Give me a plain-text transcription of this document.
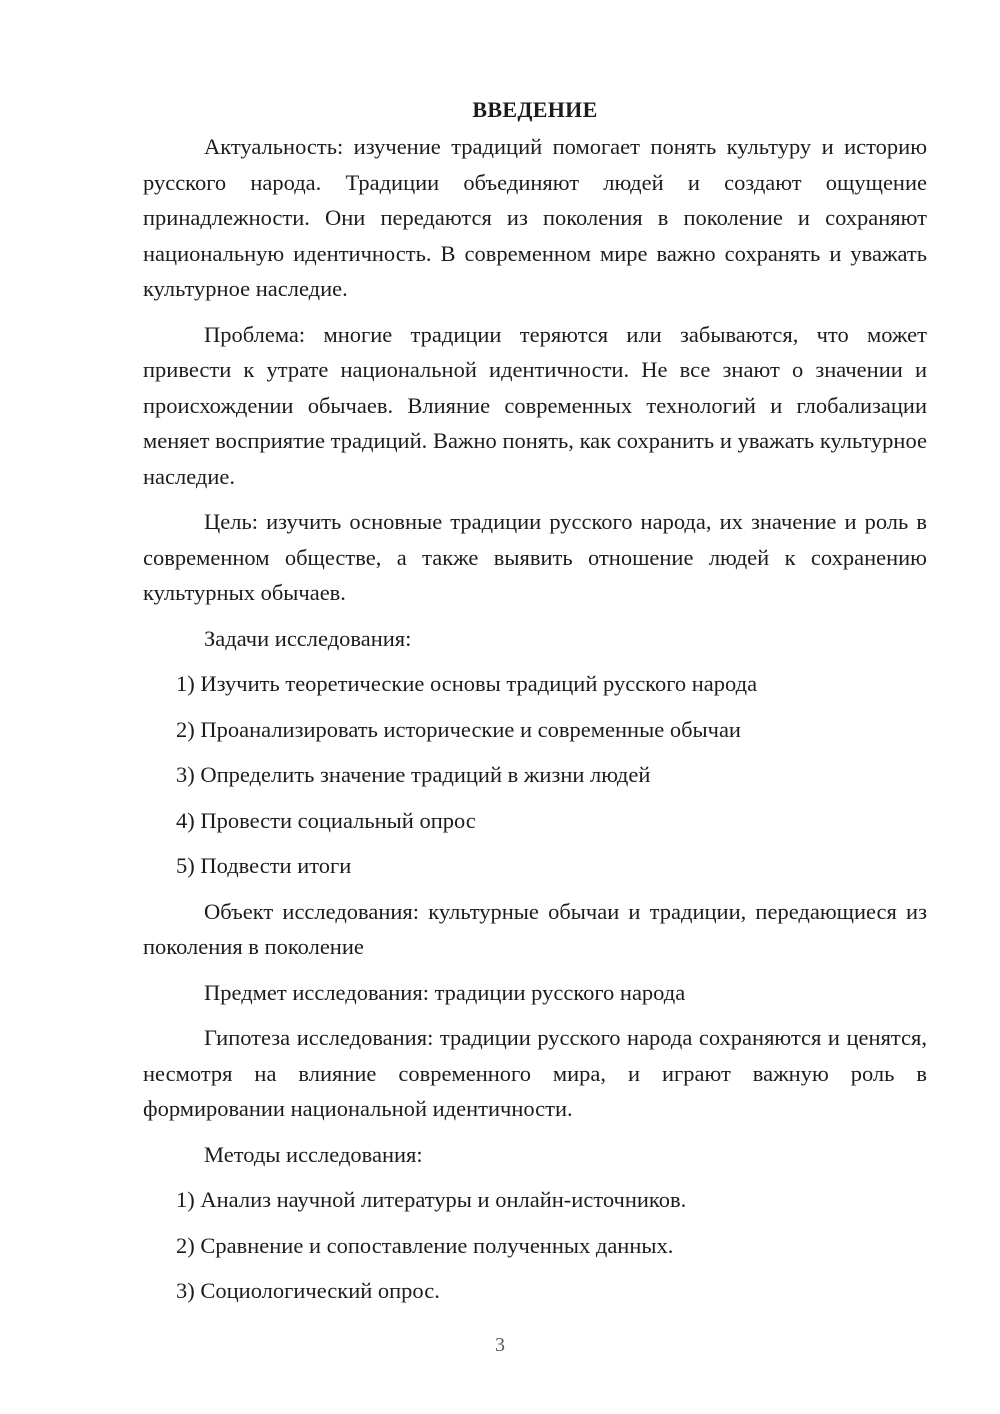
ВВЕДЕНИЕ

Актуальность: изучение традиций помогает понять культуру и историю русского народа. Традиции объединяют людей и создают ощущение принадлежности. Они передаются из поколения в поколение и сохраняют национальную идентичность. В современном мире важно сохранять и уважать культурное наследие.

Проблема: многие традиции теряются или забываются, что может привести к утрате национальной идентичности. Не все знают о значении и происхождении обычаев. Влияние современных технологий и глобализации меняет восприятие традиций. Важно понять, как сохранить и уважать культурное наследие.

Цель: изучить основные традиции русского народа, их значение и роль в современном обществе, а также выявить отношение людей к сохранению культурных обычаев.

Задачи исследования:

1) Изучить теоретические основы традиций русского народа
2) Проанализировать исторические и современные обычаи
3) Определить значение традиций в жизни людей
4) Провести социальный опрос
5) Подвести итоги

Объект исследования: культурные обычаи и традиции, передающиеся из поколения в поколение

Предмет исследования: традиции русского народа

Гипотеза исследования: традиции русского народа сохраняются и ценятся, несмотря на влияние современного мира, и играют важную роль в формировании национальной идентичности.

Методы исследования:

1) Анализ научной литературы и онлайн-источников.
2) Сравнение и сопоставление полученных данных.
3) Социологический опрос.
3
